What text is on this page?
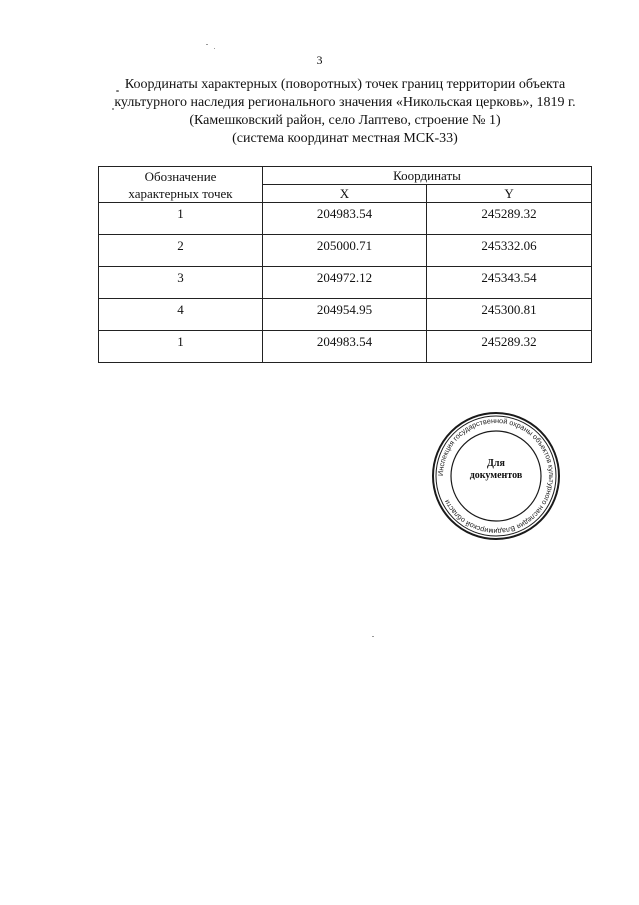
3
Координаты характерных (поворотных) точек границ территории объекта
культурного наследия регионального значения «Никольская церковь», 1819 г.
(Камешковский район, село Лаптево, строение № 1)
(система координат местная МСК-33)
Обозначение
характерных точек	Координаты	
	X	Y
1	204983.54	245289.32
2	205000.71	245332.06
3	204972.12	245343.54
4	204954.95	245300.81
1	204983.54	245289.32
Инспекция государственной охраны объектов культурного наследия Владимирской области
Для
документов
